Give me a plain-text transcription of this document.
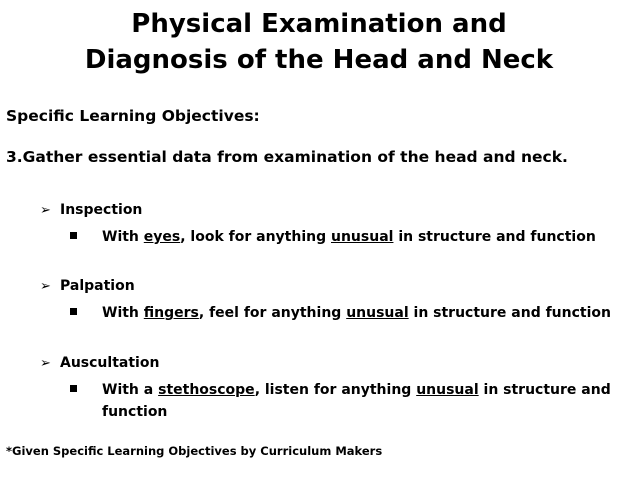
Physical Examination and
Diagnosis of the Head and Neck
Specific Learning Objectives:
3.Gather essential data from examination of the head and neck.
➢ Inspection
With eyes, look for anything unusual in structure and function
➢ Palpation
With fingers, feel for anything unusual in structure and function
➢ Auscultation
With a stethoscope, listen for anything unusual in structure and function
*Given Specific Learning Objectives by Curriculum Makers
